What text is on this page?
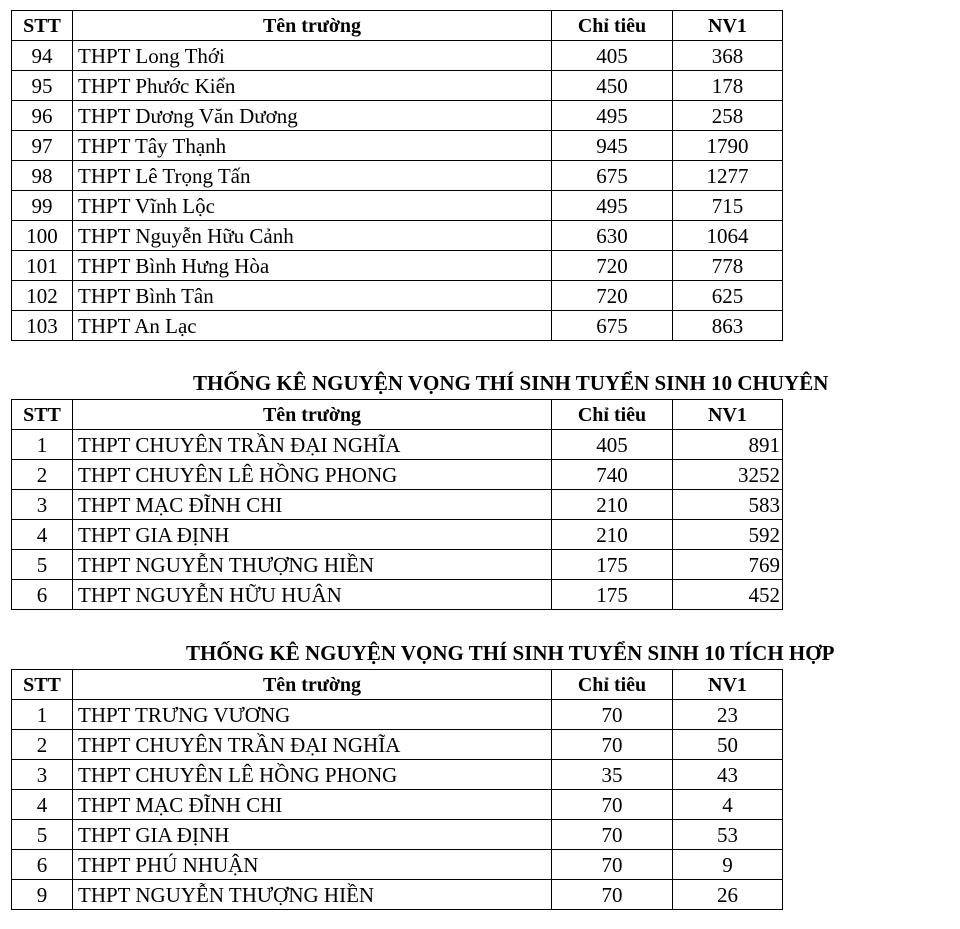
STT	Tên trường	Chỉ tiêu	NV1
94	THPT Long Thới	405	368
95	THPT Phước Kiển	450	178
96	THPT Dương Văn Dương	495	258
97	THPT Tây Thạnh	945	1790
98	THPT Lê Trọng Tấn	675	1277
99	THPT Vĩnh Lộc	495	715
100	THPT Nguyễn Hữu Cảnh	630	1064
101	THPT Bình Hưng Hòa	720	778
102	THPT Bình Tân	720	625
103	THPT An Lạc	675	863
THỐNG KÊ NGUYỆN VỌNG THÍ SINH TUYỂN SINH 10 CHUYÊN
STT	Tên trường	Chỉ tiêu	NV1
1	THPT CHUYÊN TRẦN ĐẠI NGHĨA	405	891
2	THPT CHUYÊN LÊ HỒNG PHONG	740	3252
3	THPT MẠC ĐĨNH CHI	210	583
4	THPT GIA ĐỊNH	210	592
5	THPT NGUYỄN THƯỢNG HIỀN	175	769
6	THPT NGUYỄN HỮU HUÂN	175	452
THỐNG KÊ NGUYỆN VỌNG THÍ SINH TUYỂN SINH 10 TÍCH HỢP
STT	Tên trường	Chỉ tiêu	NV1
1	THPT TRƯNG VƯƠNG	70	23
2	THPT CHUYÊN TRẦN ĐẠI NGHĨA	70	50
3	THPT CHUYÊN LÊ HỒNG PHONG	35	43
4	THPT MẠC ĐĨNH CHI	70	4
5	THPT GIA ĐỊNH	70	53
6	THPT PHÚ NHUẬN	70	9
9	THPT NGUYỄN THƯỢNG HIỀN	70	26
